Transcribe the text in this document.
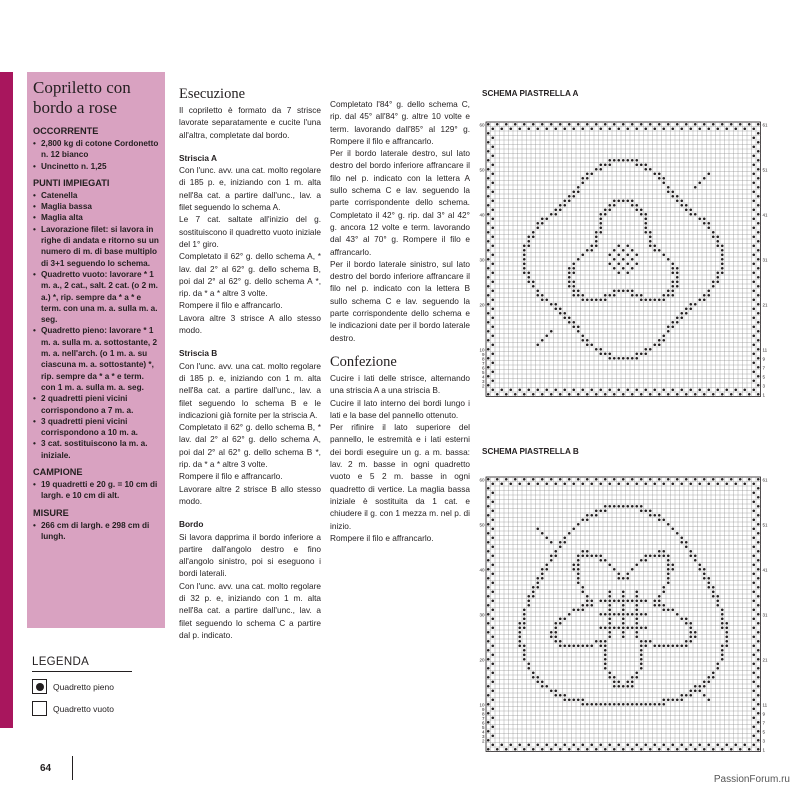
Copriletto con
bordo a rose
OCCORRENTE
• 2,800 kg di cotone Cordonetto n. 12 bianco
• Uncinetto n. 1,25
PUNTI IMPIEGATI
• Catenella
• Maglia bassa
• Maglia alta
• Lavorazione filet: si lavora in righe di andata e ritorno su un numero di m. di base multiplo di 3+1 seguendo lo schema.
• Quadretto vuoto: lavorare * 1 m. a., 2 cat., salt. 2 cat. (o 2 m. a.) *, rip. sempre da * a * e term. con una m. a. sulla m. a. seg.
• Quadretto pieno: lavorare * 1 m. a. sulla m. a. sottostante, 2 m. a. nell'arch. (o 1 m. a. su ciascuna m. a. sottostante) *, rip. sempre da * a * e term. con 1 m. a. sulla m. a. seg.
• 2 quadretti pieni vicini corrispondono a 7 m. a.
• 3 quadretti pieni vicini corrispondono a 10 m. a.
• 3 cat. sostituiscono la m. a. iniziale.
CAMPIONE
• 19 quadretti e 20 g. = 10 cm di largh. e 10 cm di alt.
MISURE
• 266 cm di largh. e 298 cm di lungh.
LEGENDA
Quadretto pieno
Quadretto vuoto
64
Esecuzione

Il copriletto è formato da 7 strisce lavorate separatamente e cucite l'una all'altra, completate dal bordo.

Striscia A

Con l'unc. avv. una cat. molto regolare di 185 p. e, iniziando con 1 m. alta nell'8a cat. a partire dall'unc., lav. a filet seguendo lo schema A.

Le 7 cat. saltate all'inizio del g. sostituiscono il quadretto vuoto iniziale del 1° giro.

Completato il 62° g. dello schema A, * lav. dal 2° al 62° g. dello schema B, poi dal 2° al 62° g. dello schema A *, rip. da * a * altre 3 volte.

Rompere il filo e affrancarlo.

Lavora altre 3 strisce A allo stesso modo.

Striscia B

Con l'unc. avv. una cat. molto regolare di 185 p. e, iniziando con 1 m. alta nell'8a cat. a partire dall'unc., lav. a filet seguendo lo schema B e le indicazioni già fornite per la striscia A.

Completato il 62° g. dello schema B, * lav. dal 2° al 62° g. dello schema A, poi dal 2° al 62° g. dello schema B *, rip. da * a * altre 3 volte.

Rompere il filo e affrancarlo.

Lavorare altre 2 strisce B allo stesso modo.

Bordo

Si lavora dapprima il bordo inferiore a partire dall'angolo destro e fino all'angolo sinistro, poi si eseguono i bordi laterali.

Con l'unc. avv. una cat. molto regolare di 32 p. e, iniziando con 1 m. alta nell'8a cat. a partire dall'unc., lav. a filet seguendo lo schema C a partire dal p. indicato.

Completato l'84° g. dello schema C, rip. dal 45° all'84° g. altre 10 volte e term. lavorando dall'85° al 129° g. Rompere il filo e affrancarlo.

Per il bordo laterale destro, sul lato destro del bordo inferiore affrancare il filo nel p. indicato con la lettera A sullo schema C e lav. seguendo la parte corrispondente dello schema. Completato il 42° g. rip. dal 3° al 42° g. ancora 12 volte e term. lavorando dal 43° al 70° g. Rompere il filo e affrancarlo.

Per il bordo laterale sinistro, sul lato destro del bordo inferiore affrancare il filo nel p. indicato con la lettera B sullo schema C e lav. seguendo la parte corrispondente dello schema e le indicazioni date per il bordo laterale destro.

Confezione

Cucire i lati delle strisce, alternando una striscia A a una striscia B.

Cucire il lato interno dei bordi lungo i lati e la base del pannello ottenuto.

Per rifinire il lato superiore del pannello, le estremità e i lati esterni dei bordi eseguire un g. a m. bassa: lav. 2 m. basse in ogni quadretto vuoto e 5 2 m. basse in ogni quadretto di vertice. La maglia bassa iniziale è sostituita da 1 cat. e chiudere il g. con 1 mezza m. nel p. di inizio.

Rompere il filo e affrancarlo.

SCHEMA PIASTRELLA A
60
50
40
30
20
10
9
8
7
6
5
4
3
2
61
51
41
31
21
11
9
7
5
3
1
SCHEMA PIASTRELLA B
60
50
40
30
20
10
9
8
7
6
5
4
3
2
61
51
41
31
21
11
9
7
5
3
1
PassionForum.ru
